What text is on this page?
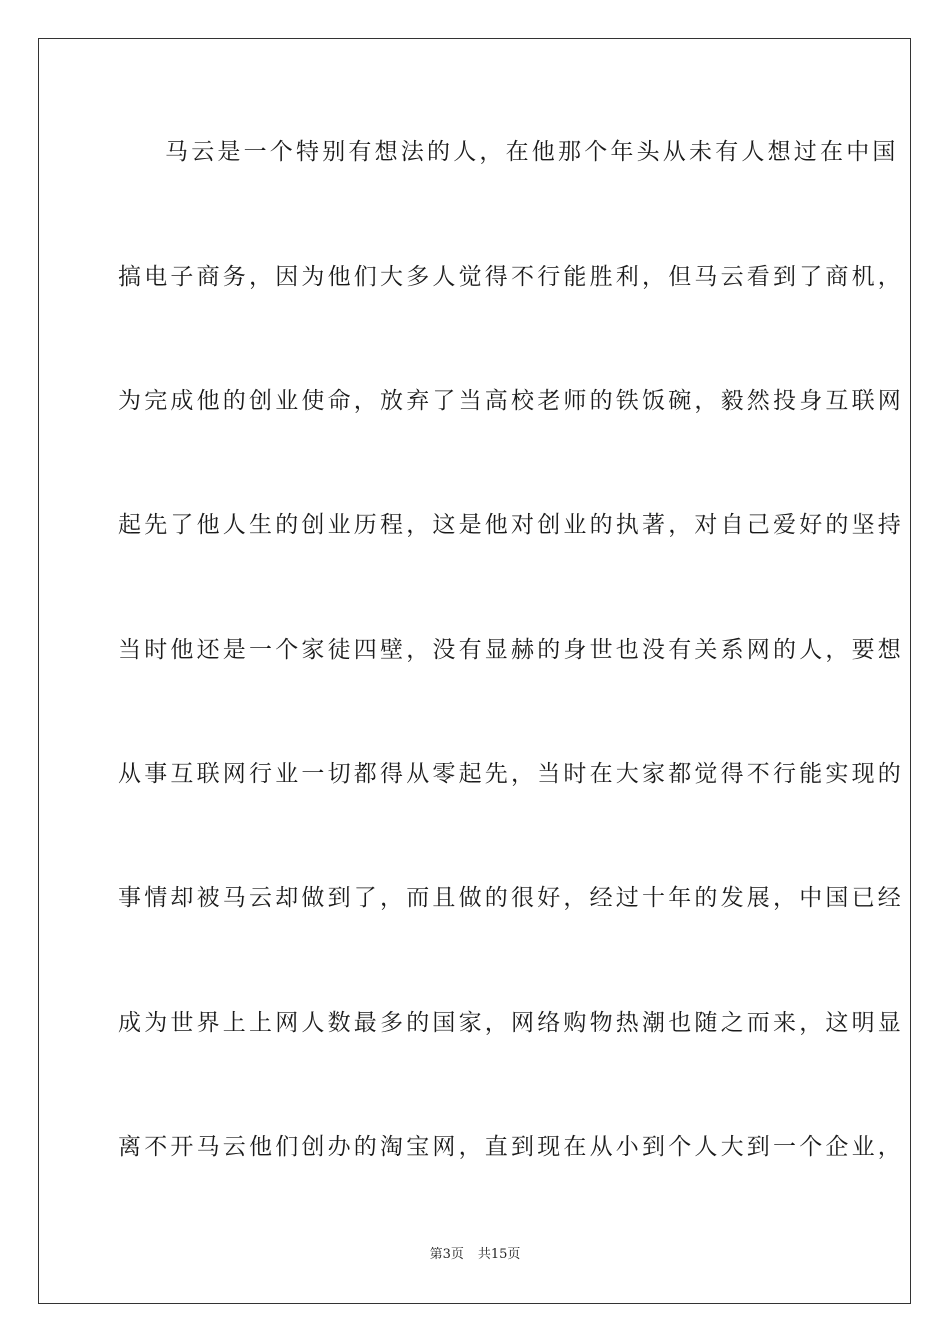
马云是一个特别有想法的人，在他那个年头从未有人想过在中国
搞电子商务，因为他们大多人觉得不行能胜利，但马云看到了商机，
为完成他的创业使命，放弃了当高校老师的铁饭碗，毅然投身互联网
起先了他人生的创业历程，这是他对创业的执著，对自己爱好的坚持
当时他还是一个家徒四壁，没有显赫的身世也没有关系网的人，要想
从事互联网行业一切都得从零起先，当时在大家都觉得不行能实现的
事情却被马云却做到了，而且做的很好，经过十年的发展，中国已经
成为世界上上网人数最多的国家，网络购物热潮也随之而来，这明显
离不开马云他们创办的淘宝网，直到现在从小到个人大到一个企业，
第3页 共15页
